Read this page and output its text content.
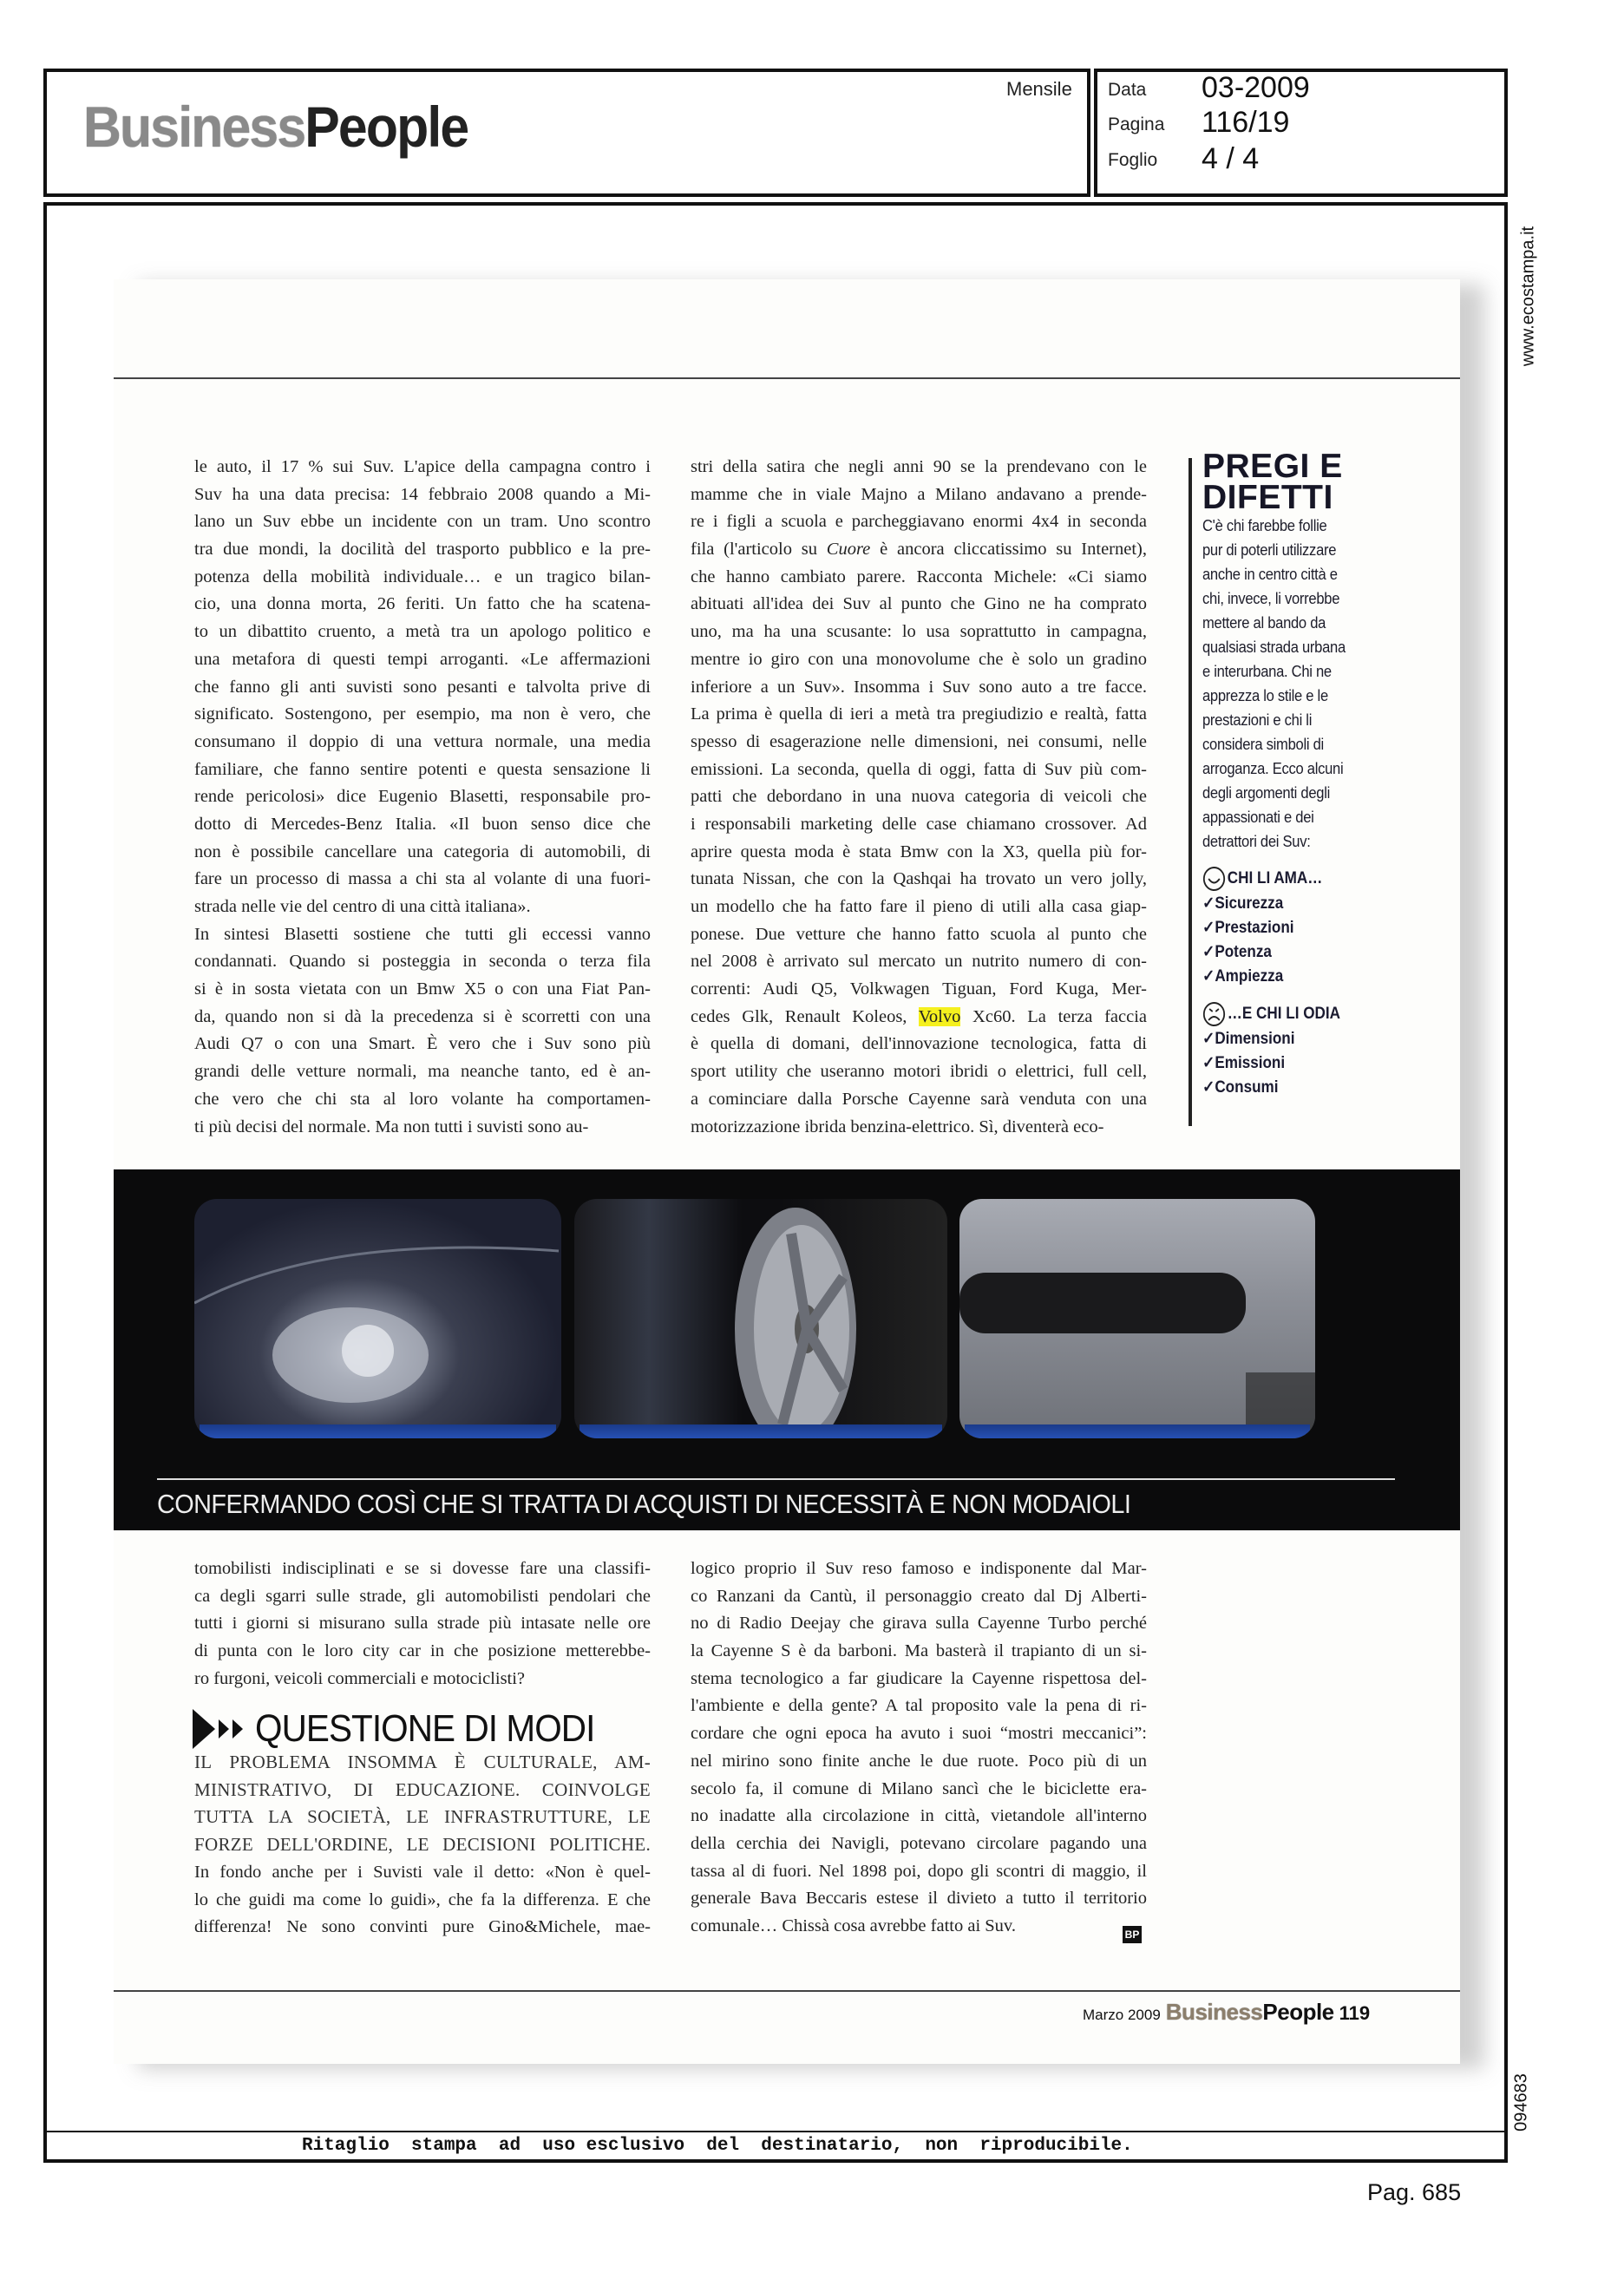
BusinessPeople
Mensile Data 03-2009
Pagina 116/19
Foglio 4 / 4
www.ecostampa.it
094683
le auto, il 17 % sui Suv. L'apice della campagna contro i
Suv ha una data precisa: 14 febbraio 2008 quando a Mi-
lano un Suv ebbe un incidente con un tram. Uno scontro
tra due mondi, la docilità del trasporto pubblico e la pre-
potenza della mobilità individuale… e un tragico bilan-
cio, una donna morta, 26 feriti. Un fatto che ha scatena-
to un dibattito cruento, a metà tra un apologo politico e
una metafora di questi tempi arroganti. «Le affermazioni
che fanno gli anti suvisti sono pesanti e talvolta prive di
significato. Sostengono, per esempio, ma non è vero, che
consumano il doppio di una vettura normale, una media
familiare, che fanno sentire potenti e questa sensazione li
rende pericolosi» dice Eugenio Blasetti, responsabile pro-
dotto di Mercedes-Benz Italia. «Il buon senso dice che
non è possibile cancellare una categoria di automobili, di
fare un processo di massa a chi sta al volante di una fuori-
strada nelle vie del centro di una città italiana».
In sintesi Blasetti sostiene che tutti gli eccessi vanno
condannati. Quando si posteggia in seconda o terza fila
si è in sosta vietata con un Bmw X5 o con una Fiat Pan-
da, quando non si dà la precedenza si è scorretti con una
Audi Q7 o con una Smart. È vero che i Suv sono più
grandi delle vetture normali, ma neanche tanto, ed è an-
che vero che chi sta al loro volante ha comportamen-
ti più decisi del normale. Ma non tutti i suvisti sono au-
stri della satira che negli anni 90 se la prendevano con le
mamme che in viale Majno a Milano andavano a prende-
re i figli a scuola e parcheggiavano enormi 4x4 in seconda
fila (l'articolo su Cuore è ancora cliccatissimo su Internet),
che hanno cambiato parere. Racconta Michele: «Ci siamo
abituati all'idea dei Suv al punto che Gino ne ha comprato
uno, ma ha una scusante: lo usa soprattutto in campagna,
mentre io giro con una monovolume che è solo un gradino
inferiore a un Suv». Insomma i Suv sono auto a tre facce.
La prima è quella di ieri a metà tra pregiudizio e realtà, fatta
spesso di esagerazione nelle dimensioni, nei consumi, nelle
emissioni. La seconda, quella di oggi, fatta di Suv più com-
patti che debordano in una nuova categoria di veicoli che
i responsabili marketing delle case chiamano crossover. Ad
aprire questa moda è stata Bmw con la X3, quella più for-
tunata Nissan, che con la Qashqai ha trovato un vero jolly,
un modello che ha fatto fare il pieno di utili alla casa giap-
ponese. Due vetture che hanno fatto scuola al punto che
nel 2008 è arrivato sul mercato un nutrito numero di con-
correnti: Audi Q5, Volkwagen Tiguan, Ford Kuga, Mer-
cedes Glk, Renault Koleos, Volvo Xc60. La terza faccia
è quella di domani, dell'innovazione tecnologica, fatta di
sport utility che useranno motori ibridi o elettrici, full cell,
a cominciare dalla Porsche Cayenne sarà venduta con una
motorizzazione ibrida benzina-elettrico. Sì, diventerà eco-
PREGI E
DIFETTI
C'è chi farebbe follie
pur di poterli utilizzare
anche in centro città e
chi, invece, li vorrebbe
mettere al bando da
qualsiasi strada urbana
e interurbana. Chi ne
apprezza lo stile e le
prestazioni e chi li
considera simboli di
arroganza. Ecco alcuni
degli argomenti degli
appassionati e dei
detrattori dei Suv:
CHI LI AMA…
✓Sicurezza
✓Prestazioni
✓Potenza
✓Ampiezza
…E CHI LI ODIA
✓Dimensioni
✓Emissioni
✓Consumi
CONFERMANDO COSÌ CHE SI TRATTA DI ACQUISTI DI NECESSITÀ E NON MODAIOLI
tomobilisti indisciplinati e se si dovesse fare una classifi-
ca degli sgarri sulle strade, gli automobilisti pendolari che
tutti i giorni si misurano sulla strade più intasate nelle ore
di punta con le loro city car in che posizione metterebbe-
ro furgoni, veicoli commerciali e motociclisti?
QUESTIONE DI MODI
IL PROBLEMA INSOMMA È CULTURALE, AM-
MINISTRATIVO, DI EDUCAZIONE. COINVOLGE
TUTTA LA SOCIETÀ, LE INFRASTRUTTURE, LE
FORZE DELL'ORDINE, LE DECISIONI POLITICHE.
In fondo anche per i Suvisti vale il detto: «Non è quel-
lo che guidi ma come lo guidi», che fa la differenza. E che
differenza! Ne sono convinti pure Gino&Michele, mae-
logico proprio il Suv reso famoso e indisponente dal Mar-
co Ranzani da Cantù, il personaggio creato dal Dj Alberti-
no di Radio Deejay che girava sulla Cayenne Turbo perché
la Cayenne S è da barboni. Ma basterà il trapianto di un si-
stema tecnologico a far giudicare la Cayenne rispettosa del-
l'ambiente e della gente? A tal proposito vale la pena di ri-
cordare che ogni epoca ha avuto i suoi “mostri meccanici”:
nel mirino sono finite anche le due ruote. Poco più di un
secolo fa, il comune di Milano sancì che le biciclette era-
no inadatte alla circolazione in città, vietandole all'interno
della cerchia dei Navigli, potevano circolare pagando una
tassa al di fuori. Nel 1898 poi, dopo gli scontri di maggio, il
generale Bava Beccaris estese il divieto a tutto il territorio
comunale… Chissà cosa avrebbe fatto ai Suv.	BP
Marzo 2009 BusinessPeople 119
Ritaglio  stampa  ad  uso esclusivo  del  destinatario,  non  riproducibile.
Pag. 685
